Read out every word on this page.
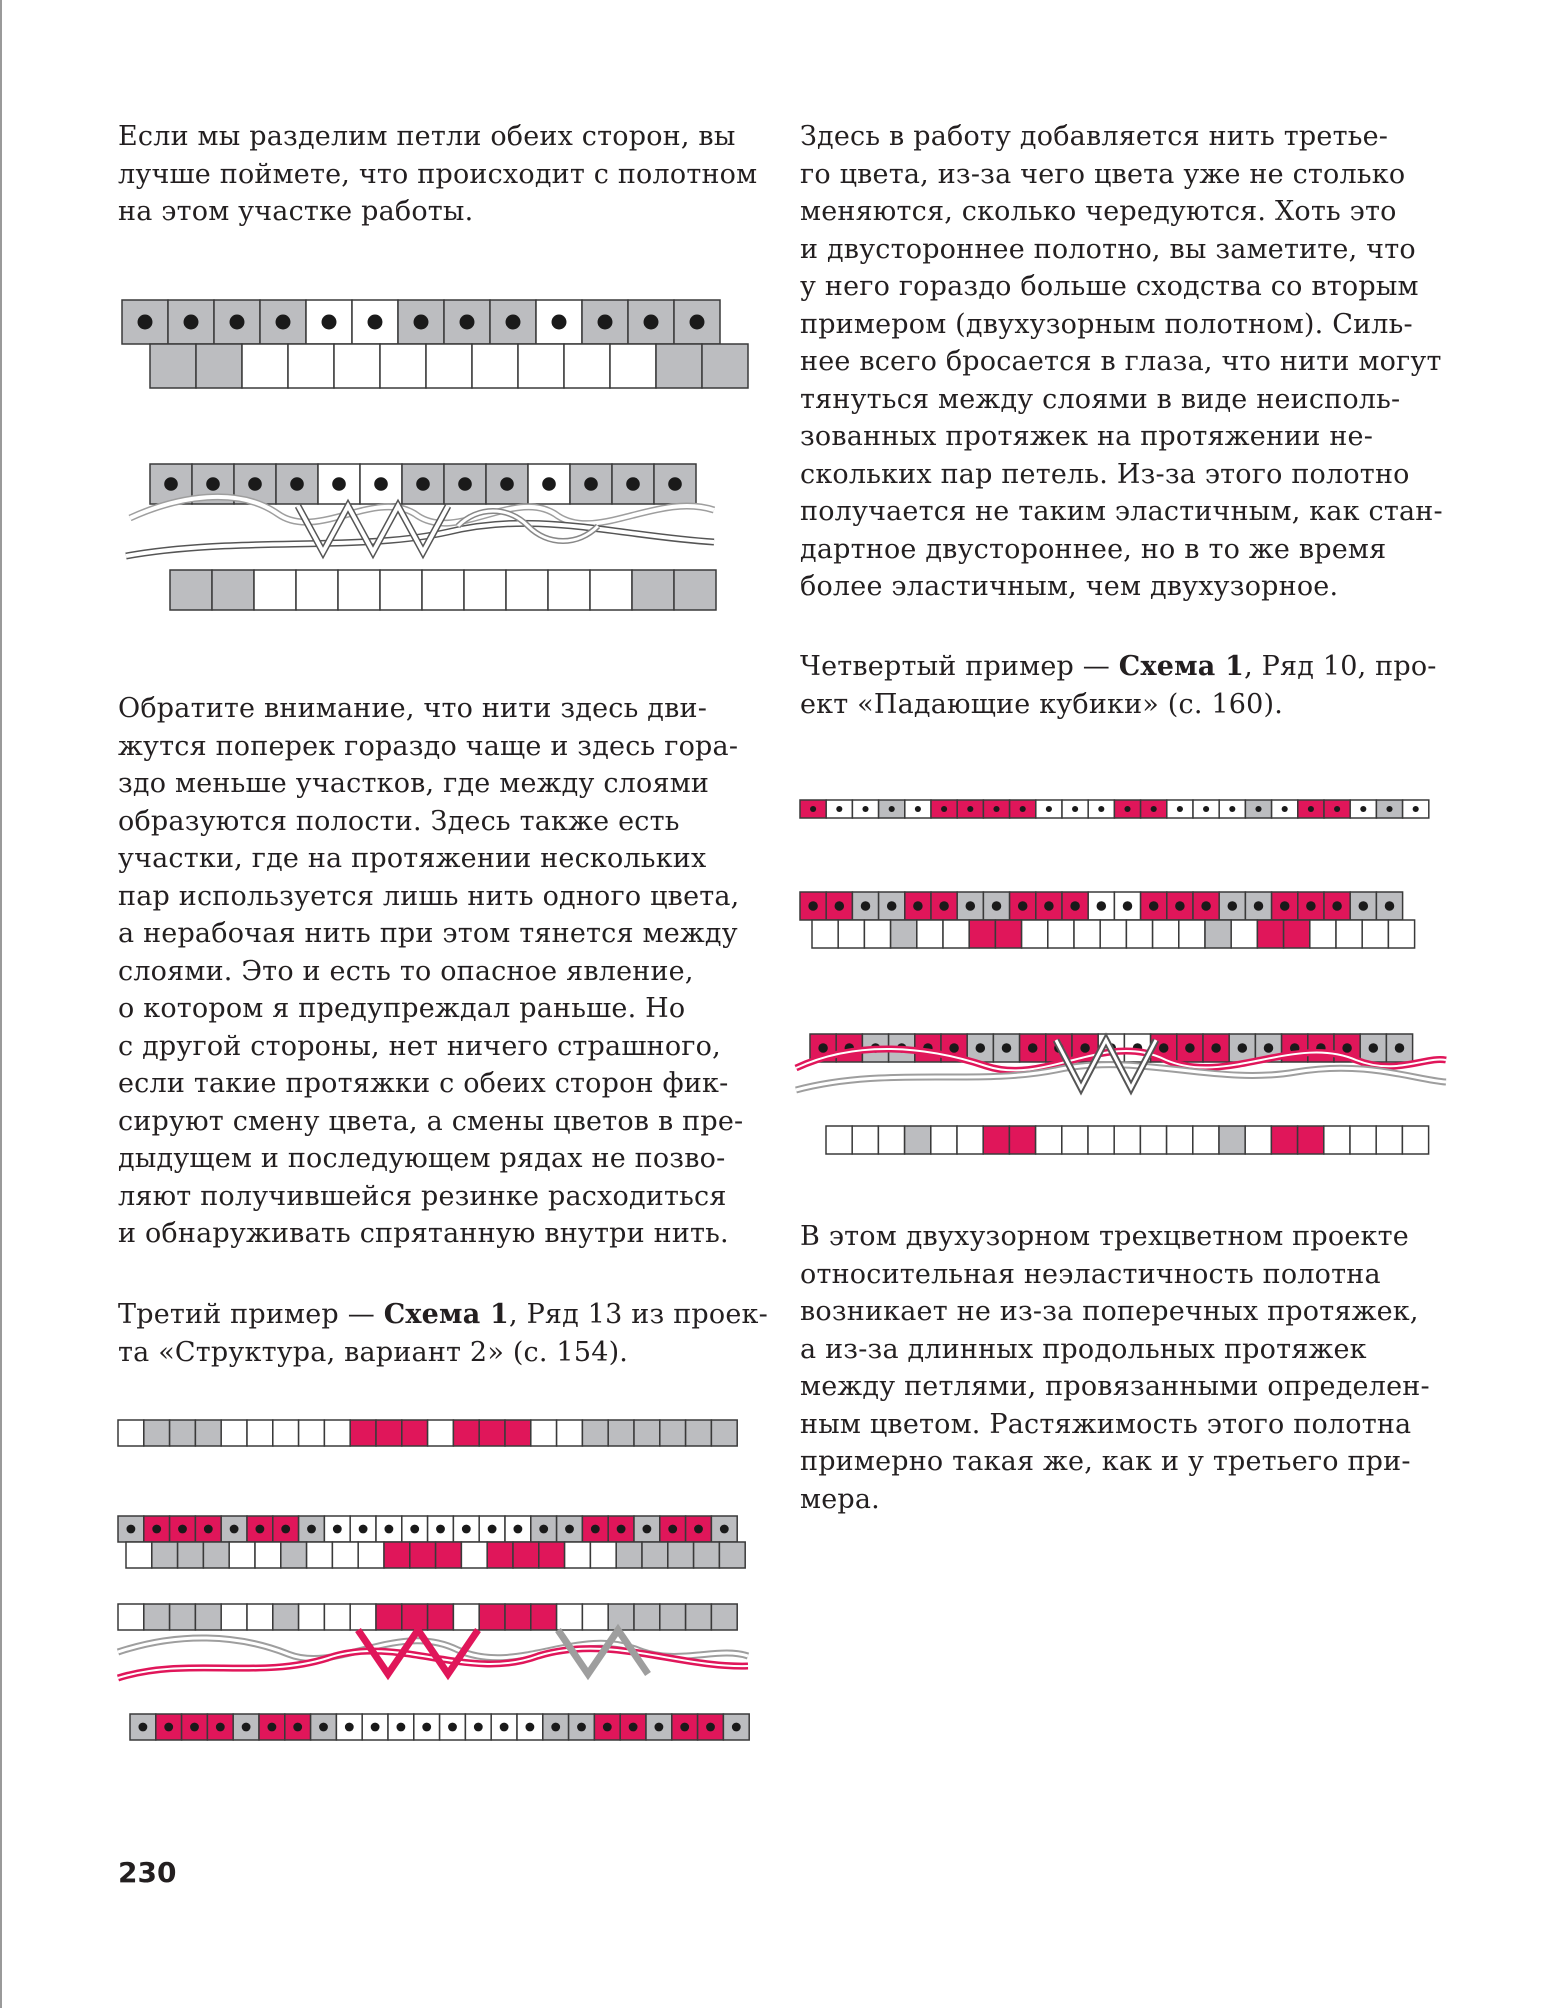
Если мы разделим петли обеих сторон, вы
лучше поймете, что происходит с полотном
на этом участке работы.

Обратите внимание, что нити здесь дви-
жутся поперек гораздо чаще и здесь гора-
здо меньше участков, где между слоями
образуются полости. Здесь также есть
участки, где на протяжении нескольких
пар используется лишь нить одного цвета,
а нерабочая нить при этом тянется между
слоями. Это и есть то опасное явление,
о котором я предупреждал раньше. Но
с другой стороны, нет ничего страшного,
если такие протяжки с обеих сторон фик-
сируют смену цвета, а смены цветов в пре-
дыдущем и последующем рядах не позво-
ляют получившейся резинке расходиться
и обнаруживать спрятанную внутри нить.

Третий пример — Схема 1, Ряд 13 из проек-
та «Структура, вариант 2» (с. 154).

Здесь в работу добавляется нить третье-
го цвета, из-за чего цвета уже не столько
меняются, сколько чередуются. Хоть это
и двустороннее полотно, вы заметите, что
у него гораздо больше сходства со вторым
примером (двухузорным полотном). Силь-
нее всего бросается в глаза, что нити могут
тянуться между слоями в виде неисполь-
зованных протяжек на протяжении не-
скольких пар петель. Из-за этого полотно
получается не таким эластичным, как стан-
дартное двустороннее, но в то же время
более эластичным, чем двухузорное.

Четвертый пример — Схема 1, Ряд 10, про-
ект «Падающие кубики» (с. 160).

В этом двухузорном трехцветном проекте
относительная неэластичность полотна
возникает не из-за поперечных протяжек,
а из-за длинных продольных протяжек
между петлями, провязанными определен-
ным цветом. Растяжимость этого полотна
примерно такая же, как и у третьего при-
мера.

230
